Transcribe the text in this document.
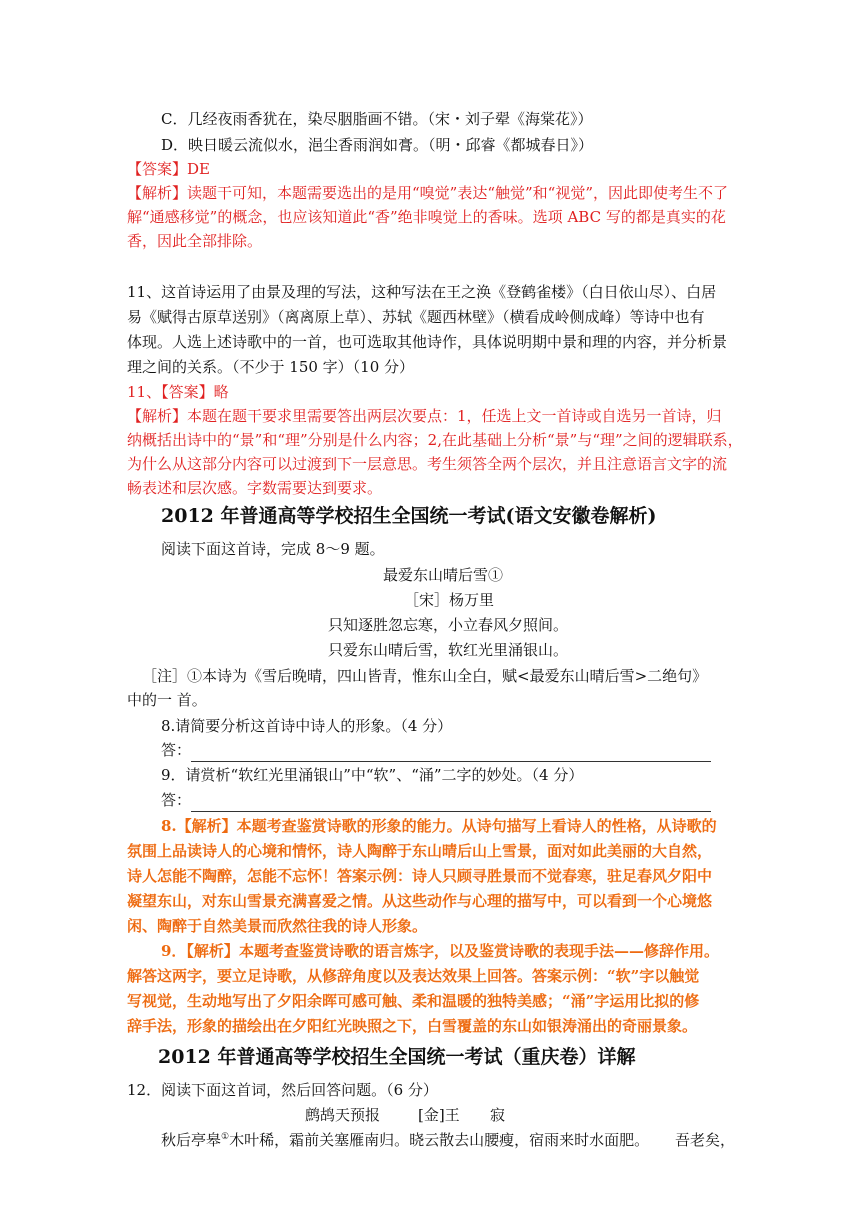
C．几经夜雨香犹在，染尽胭脂画不错。（宋・刘子翚《海棠花》）
D．映日暖云流似水，浥尘香雨润如膏。（明・邱睿《都城春日》）
【答案】DE
【解析】读题干可知，本题需要选出的是用“嗅觉”表达“触觉”和“视觉”，因此即使考生不了
解“通感移觉”的概念，也应该知道此“香”绝非嗅觉上的香味。选项 ABC 写的都是真实的花
香，因此全部排除。
11、这首诗运用了由景及理的写法，这种写法在王之涣《登鹤雀楼》（白日依山尽）、白居
易《赋得古原草送别》（离离原上草）、苏轼《题西林壁》（横看成岭侧成峰）等诗中也有
体现。人选上述诗歌中的一首，也可选取其他诗作，具体说明期中景和理的内容，并分析景
理之间的关系。（不少于 150 字）（10 分）
11、【答案】略
【解析】本题在题干要求里需要答出两层次要点：1，任选上文一首诗或自选另一首诗，归
纳概括出诗中的“景”和“理”分别是什么内容；2,在此基础上分析“景”与“理”之间的逻辑联系，
为什么从这部分内容可以过渡到下一层意思。考生须答全两个层次，并且注意语言文字的流
畅表述和层次感。字数需要达到要求。
2012 年普通高等学校招生全国统一考试(语文安徽卷解析)
阅读下面这首诗，完成 8～9 题。
最爱东山晴后雪①
［宋］杨万里
只知逐胜忽忘寒，小立春风夕照间。
只爱东山晴后雪，软红光里涌银山。
［注］①本诗为《雪后晚晴，四山皆青，惟东山全白，赋<最爱东山晴后雪>二绝句》
中的一 首。
8.请简要分析这首诗中诗人的形象。（4 分）
答：
9．请赏析“软红光里涌银山”中“软”、“涌”二字的妙处。（4 分）
答：
8.【解析】本题考查鉴赏诗歌的形象的能力。从诗句描写上看诗人的性格，从诗歌的
氛围上品读诗人的心境和情怀，诗人陶醉于东山晴后山上雪景，面对如此美丽的大自然，
诗人怎能不陶醉，怎能不忘怀！答案示例：诗人只顾寻胜景而不觉春寒，驻足春风夕阳中
凝望东山，对东山雪景充满喜爱之情。从这些动作与心理的描写中，可以看到一个心境悠
闲、陶醉于自然美景而欣然往我的诗人形象。
9．【解析】本题考查鉴赏诗歌的语言炼字，以及鉴赏诗歌的表现手法——修辞作用。
解答这两字，要立足诗歌，从修辞角度以及表达效果上回答。答案示例：“软”字以触觉
写视觉，生动地写出了夕阳余晖可感可触、柔和温暖的独特美感；“涌”字运用比拟的修
辞手法，形象的描绘出在夕阳红光映照之下，白雪覆盖的东山如银涛涌出的奇丽景象。
2012 年普通高等学校招生全国统一考试（重庆卷）详解
12．阅读下面这首词，然后回答问题。（6 分）
鹧鸪天预报	[金]王 寂
秋后亭皋①木叶稀，霜前关塞雁南归。晓云散去山腰瘦，宿雨来时水面肥。 吾老矣，
